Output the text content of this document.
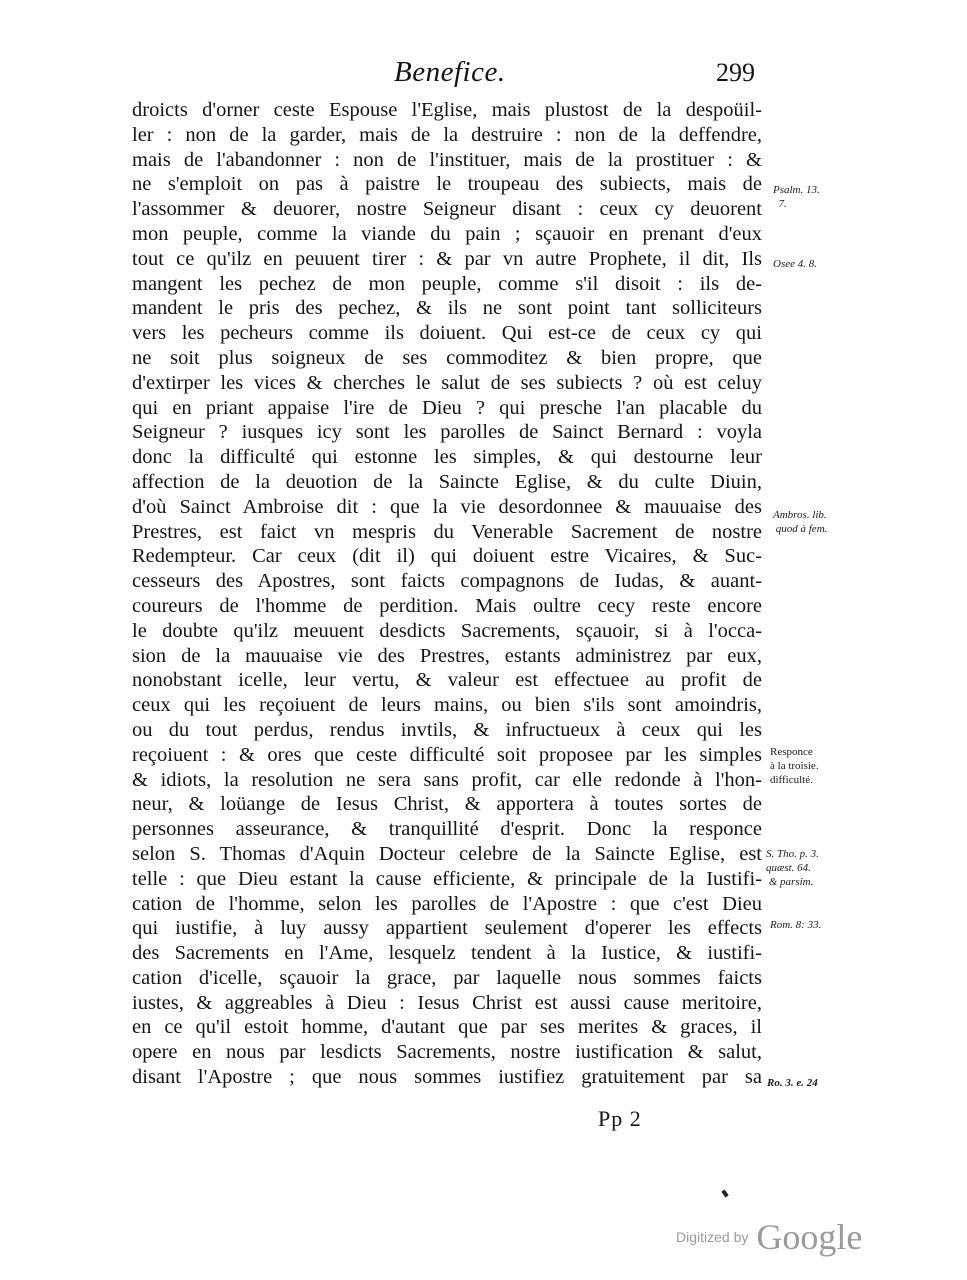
Benefice.	299
droicts d'orner ceste Espouse l'Eglise, mais plustost de la despoüil-
ler : non de la garder, mais de la destruire : non de la deffendre,
mais de l'abandonner : non de l'instituer, mais de la prostituer : &
ne s'emploit on pas à paistre le troupeau des subiects, mais de
l'assommer & deuorer, nostre Seigneur disant : ceux cy deuorent
mon peuple, comme la viande du pain ; sçauoir en prenant d'eux
tout ce qu'ilz en peuuent tirer : & par vn autre Prophete, il dit, Ils
mangent les pechez de mon peuple, comme s'il disoit : ils de-
mandent le pris des pechez, & ils ne sont point tant solliciteurs
vers les pecheurs comme ils doiuent. Qui est-ce de ceux cy qui
ne soit plus soigneux de ses commoditez & bien propre, que
d'extirper les vices & cherches le salut de ses subiects ? où est celuy
qui en priant appaise l'ire de Dieu ? qui presche l'an placable du
Seigneur ? iusques icy sont les parolles de Sainct Bernard : voyla
donc la difficulté qui estonne les simples, & qui destourne leur
affection de la deuotion de la Saincte Eglise, & du culte Diuin,
d'où Sainct Ambroise dit : que la vie desordonnee & mauuaise des
Prestres, est faict vn mespris du Venerable Sacrement de nostre
Redempteur. Car ceux (dit il) qui doiuent estre Vicaires, & Suc-
cesseurs des Apostres, sont faicts compagnons de Iudas, & auant-
coureurs de l'homme de perdition. Mais oultre cecy reste encore
le doubte qu'ilz meuuent desdicts Sacrements, sçauoir, si à l'occa-
sion de la mauuaise vie des Prestres, estants administrez par eux,
nonobstant icelle, leur vertu, & valeur est effectuee au profit de
ceux qui les reçoiuent de leurs mains, ou bien s'ils sont amoindris,
ou du tout perdus, rendus invtils, & infructueux à ceux qui les
reçoiuent : & ores que ceste difficulté soit proposee par les simples
& idiots, la resolution ne sera sans profit, car elle redonde à l'hon-
neur, & loüange de Iesus Christ, & apportera à toutes sortes de
personnes asseurance, & tranquillité d'esprit. Donc la responce
selon S. Thomas d'Aquin Docteur celebre de la Saincte Eglise, est
telle : que Dieu estant la cause efficiente, & principale de la Iustifi-
cation de l'homme, selon les parolles de l'Apostre : que c'est Dieu
qui iustifie, à luy aussy appartient seulement d'operer les effects
des Sacrements en l'Ame, lesquelz tendent à la Iustice, & iustifi-
cation d'icelle, sçauoir la grace, par laquelle nous sommes faicts
iustes, & aggreables à Dieu : Iesus Christ est aussi cause meritoire,
en ce qu'il estoit homme, d'autant que par ses merites & graces, il
opere en nous par lesdicts Sacrements, nostre iustification & salut,
disant l'Apostre ; que nous sommes iustifiez gratuitement par sa
Psalm. 13.
7.
Osee 4. 8.
Ambros. lib.
quod à fem.
Responce
à la troisie.
difficulté.
S. Tho. p. 3.
quæst. 64.
& parsim.
Rom. 8: 33.
Ro. 3. e. 24
Pp 2
Digitized by Google
